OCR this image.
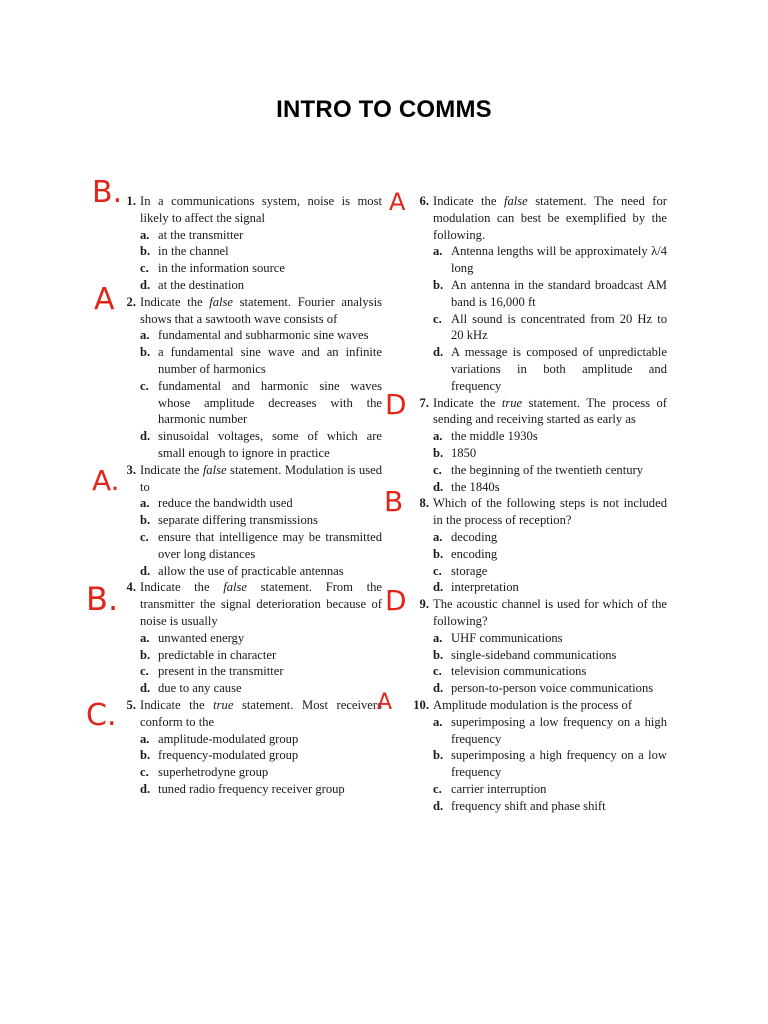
INTRO TO COMMS
1. In a communications system, noise is most likely to affect the signal
a. at the transmitter
b. in the channel
c. in the information source
d. at the destination
2. Indicate the false statement. Fourier analysis shows that a sawtooth wave consists of
a. fundamental and subharmonic sine waves
b. a fundamental sine wave and an infinite number of harmonics
c. fundamental and harmonic sine waves whose amplitude decreases with the harmonic number
d. sinusoidal voltages, some of which are small enough to ignore in practice
3. Indicate the false statement. Modulation is used to
a. reduce the bandwidth used
b. separate differing transmissions
c. ensure that intelligence may be transmitted over long distances
d. allow the use of practicable antennas
4. Indicate the false statement. From the transmitter the signal deterioration because of noise is usually
a. unwanted energy
b. predictable in character
c. present in the transmitter
d. due to any cause
5. Indicate the true statement. Most receivers conform to the
a. amplitude-modulated group
b. frequency-modulated group
c. superhetrodyne group
d. tuned radio frequency receiver group
6. Indicate the false statement. The need for modulation can best be exemplified by the following.
a. Antenna lengths will be approximately λ/4 long
b. An antenna in the standard broadcast AM band is 16,000 ft
c. All sound is concentrated from 20 Hz to 20 kHz
d. A message is composed of unpredictable variations in both amplitude and frequency
7. Indicate the true statement. The process of sending and receiving started as early as
a. the middle 1930s
b. 1850
c. the beginning of the twentieth century
d. the 1840s
8. Which of the following steps is not included in the process of reception?
a. decoding
b. encoding
c. storage
d. interpretation
9. The acoustic channel is used for which of the following?
a. UHF communications
b. single-sideband communications
c. television communications
d. person-to-person voice communications
10. Amplitude modulation is the process of
a. superimposing a low frequency on a high frequency
b. superimposing a high frequency on a low frequency
c. carrier interruption
d. frequency shift and phase shift
B.
A
A.
B.
C.
A
D
B
D
A
